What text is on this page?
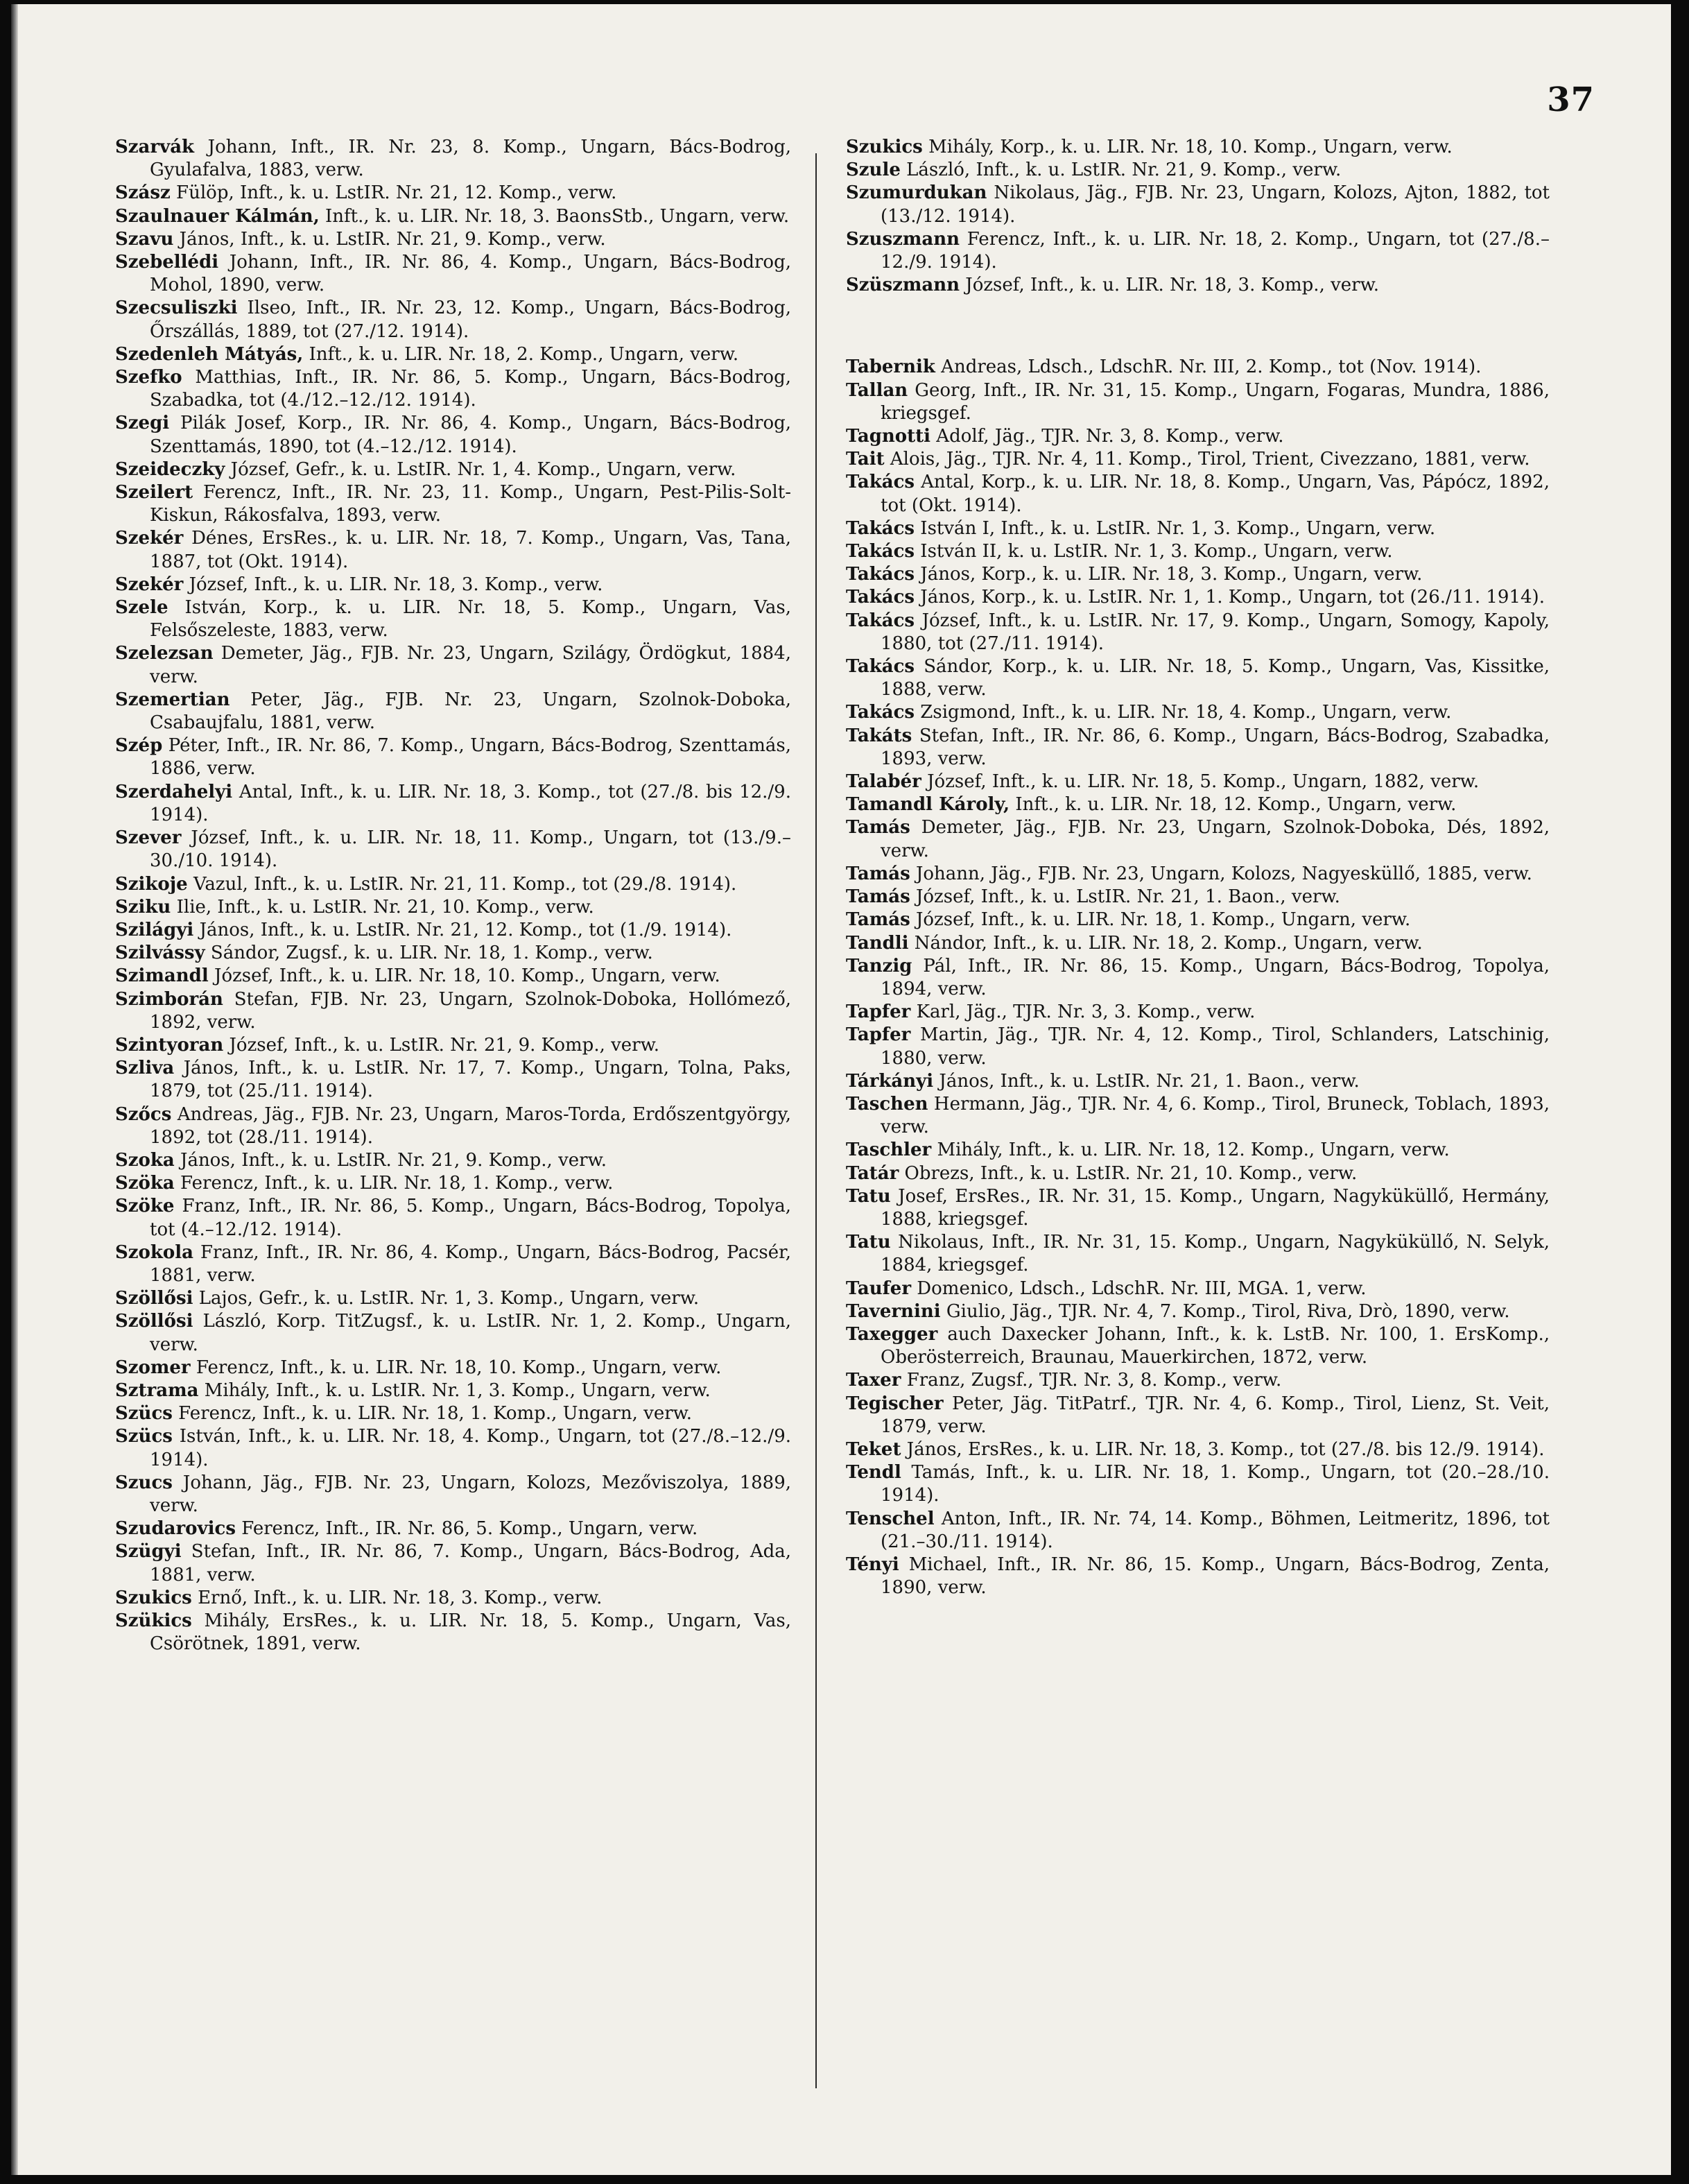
37
Szarvák Johann, Inft., IR. Nr. 23, 8. Komp., Ungarn, Bács-Bodrog, Gyulafalva, 1883, verw.
Szász Fülöp, Inft., k. u. LstIR. Nr. 21, 12. Komp., verw.
Szaulnauer Kálmán, Inft., k. u. LIR. Nr. 18, 3. BaonsStb., Ungarn, verw.
Szavu János, Inft., k. u. LstIR. Nr. 21, 9. Komp., verw.
Szebellédi Johann, Inft., IR. Nr. 86, 4. Komp., Ungarn, Bács-Bodrog, Mohol, 1890, verw.
Szecsuliszki Ilseo, Inft., IR. Nr. 23, 12. Komp., Ungarn, Bács-Bodrog, Őrszállás, 1889, tot (27./12. 1914).
Szedenleh Mátyás, Inft., k. u. LIR. Nr. 18, 2. Komp., Ungarn, verw.
Szefko Matthias, Inft., IR. Nr. 86, 5. Komp., Ungarn, Bács-Bodrog, Szabadka, tot (4./12.–12./12. 1914).
Szegi Pilák Josef, Korp., IR. Nr. 86, 4. Komp., Ungarn, Bács-Bodrog, Szenttamás, 1890, tot (4.–12./12. 1914).
Szeideczky József, Gefr., k. u. LstIR. Nr. 1, 4. Komp., Ungarn, verw.
Szeilert Ferencz, Inft., IR. Nr. 23, 11. Komp., Ungarn, Pest-Pilis-Solt-Kiskun, Rákosfalva, 1893, verw.
Szekér Dénes, ErsRes., k. u. LIR. Nr. 18, 7. Komp., Ungarn, Vas, Tana, 1887, tot (Okt. 1914).
Szekér József, Inft., k. u. LIR. Nr. 18, 3. Komp., verw.
Szele István, Korp., k. u. LIR. Nr. 18, 5. Komp., Ungarn, Vas, Felsőszeleste, 1883, verw.
Szelezsan Demeter, Jäg., FJB. Nr. 23, Ungarn, Szilágy, Ördögkut, 1884, verw.
Szemertian Peter, Jäg., FJB. Nr. 23, Ungarn, Szolnok-Doboka, Csabaujfalu, 1881, verw.
Szép Péter, Inft., IR. Nr. 86, 7. Komp., Ungarn, Bács-Bodrog, Szenttamás, 1886, verw.
Szerdahelyi Antal, Inft., k. u. LIR. Nr. 18, 3. Komp., tot (27./8. bis 12./9. 1914).
Szever József, Inft., k. u. LIR. Nr. 18, 11. Komp., Ungarn, tot (13./9.–30./10. 1914).
Szikoje Vazul, Inft., k. u. LstIR. Nr. 21, 11. Komp., tot (29./8. 1914).
Sziku Ilie, Inft., k. u. LstIR. Nr. 21, 10. Komp., verw.
Szilágyi János, Inft., k. u. LstIR. Nr. 21, 12. Komp., tot (1./9. 1914).
Szilvássy Sándor, Zugsf., k. u. LIR. Nr. 18, 1. Komp., verw.
Szimandl József, Inft., k. u. LIR. Nr. 18, 10. Komp., Ungarn, verw.
Szimborán Stefan, FJB. Nr. 23, Ungarn, Szolnok-Doboka, Hollómező, 1892, verw.
Szintyoran József, Inft., k. u. LstIR. Nr. 21, 9. Komp., verw.
Szliva János, Inft., k. u. LstIR. Nr. 17, 7. Komp., Ungarn, Tolna, Paks, 1879, tot (25./11. 1914).
Szőcs Andreas, Jäg., FJB. Nr. 23, Ungarn, Maros-Torda, Erdőszentgyörgy, 1892, tot (28./11. 1914).
Szoka János, Inft., k. u. LstIR. Nr. 21, 9. Komp., verw.
Szöka Ferencz, Inft., k. u. LIR. Nr. 18, 1. Komp., verw.
Szöke Franz, Inft., IR. Nr. 86, 5. Komp., Ungarn, Bács-Bodrog, Topolya, tot (4.–12./12. 1914).
Szokola Franz, Inft., IR. Nr. 86, 4. Komp., Ungarn, Bács-Bodrog, Pacsér, 1881, verw.
Szöllősi Lajos, Gefr., k. u. LstIR. Nr. 1, 3. Komp., Ungarn, verw.
Szöllősi László, Korp. TitZugsf., k. u. LstIR. Nr. 1, 2. Komp., Ungarn, verw.
Szomer Ferencz, Inft., k. u. LIR. Nr. 18, 10. Komp., Ungarn, verw.
Sztrama Mihály, Inft., k. u. LstIR. Nr. 1, 3. Komp., Ungarn, verw.
Szücs Ferencz, Inft., k. u. LIR. Nr. 18, 1. Komp., Ungarn, verw.
Szücs István, Inft., k. u. LIR. Nr. 18, 4. Komp., Ungarn, tot (27./8.–12./9. 1914).
Szucs Johann, Jäg., FJB. Nr. 23, Ungarn, Kolozs, Mezőviszolya, 1889, verw.
Szudarovics Ferencz, Inft., IR. Nr. 86, 5. Komp., Ungarn, verw.
Szügyi Stefan, Inft., IR. Nr. 86, 7. Komp., Ungarn, Bács-Bodrog, Ada, 1881, verw.
Szukics Ernő, Inft., k. u. LIR. Nr. 18, 3. Komp., verw.
Szükics Mihály, ErsRes., k. u. LIR. Nr. 18, 5. Komp., Ungarn, Vas, Csörötnek, 1891, verw.
Szukics Mihály, Korp., k. u. LIR. Nr. 18, 10. Komp., Ungarn, verw.
Szule László, Inft., k. u. LstIR. Nr. 21, 9. Komp., verw.
Szumurdukan Nikolaus, Jäg., FJB. Nr. 23, Ungarn, Kolozs, Ajton, 1882, tot (13./12. 1914).
Szuszmann Ferencz, Inft., k. u. LIR. Nr. 18, 2. Komp., Ungarn, tot (27./8.–12./9. 1914).
Szüszmann József, Inft., k. u. LIR. Nr. 18, 3. Komp., verw.
Tabernik Andreas, Ldsch., LdschR. Nr. III, 2. Komp., tot (Nov. 1914).
Tallan Georg, Inft., IR. Nr. 31, 15. Komp., Ungarn, Fogaras, Mundra, 1886, kriegsgef.
Tagnotti Adolf, Jäg., TJR. Nr. 3, 8. Komp., verw.
Tait Alois, Jäg., TJR. Nr. 4, 11. Komp., Tirol, Trient, Civezzano, 1881, verw.
Takács Antal, Korp., k. u. LIR. Nr. 18, 8. Komp., Ungarn, Vas, Pápócz, 1892, tot (Okt. 1914).
Takács István I, Inft., k. u. LstIR. Nr. 1, 3. Komp., Ungarn, verw.
Takács István II, k. u. LstIR. Nr. 1, 3. Komp., Ungarn, verw.
Takács János, Korp., k. u. LIR. Nr. 18, 3. Komp., Ungarn, verw.
Takács János, Korp., k. u. LstIR. Nr. 1, 1. Komp., Ungarn, tot (26./11. 1914).
Takács József, Inft., k. u. LstIR. Nr. 17, 9. Komp., Ungarn, Somogy, Kapoly, 1880, tot (27./11. 1914).
Takács Sándor, Korp., k. u. LIR. Nr. 18, 5. Komp., Ungarn, Vas, Kissitke, 1888, verw.
Takács Zsigmond, Inft., k. u. LIR. Nr. 18, 4. Komp., Ungarn, verw.
Takáts Stefan, Inft., IR. Nr. 86, 6. Komp., Ungarn, Bács-Bodrog, Szabadka, 1893, verw.
Talabér József, Inft., k. u. LIR. Nr. 18, 5. Komp., Ungarn, 1882, verw.
Tamandl Károly, Inft., k. u. LIR. Nr. 18, 12. Komp., Ungarn, verw.
Tamás Demeter, Jäg., FJB. Nr. 23, Ungarn, Szolnok-Doboka, Dés, 1892, verw.
Tamás Johann, Jäg., FJB. Nr. 23, Ungarn, Kolozs, Nagyesküllő, 1885, verw.
Tamás József, Inft., k. u. LstIR. Nr. 21, 1. Baon., verw.
Tamás József, Inft., k. u. LIR. Nr. 18, 1. Komp., Ungarn, verw.
Tandli Nándor, Inft., k. u. LIR. Nr. 18, 2. Komp., Ungarn, verw.
Tanzig Pál, Inft., IR. Nr. 86, 15. Komp., Ungarn, Bács-Bodrog, Topolya, 1894, verw.
Tapfer Karl, Jäg., TJR. Nr. 3, 3. Komp., verw.
Tapfer Martin, Jäg., TJR. Nr. 4, 12. Komp., Tirol, Schlanders, Latschinig, 1880, verw.
Tárkányi János, Inft., k. u. LstIR. Nr. 21, 1. Baon., verw.
Taschen Hermann, Jäg., TJR. Nr. 4, 6. Komp., Tirol, Bruneck, Toblach, 1893, verw.
Taschler Mihály, Inft., k. u. LIR. Nr. 18, 12. Komp., Ungarn, verw.
Tatár Obrezs, Inft., k. u. LstIR. Nr. 21, 10. Komp., verw.
Tatu Josef, ErsRes., IR. Nr. 31, 15. Komp., Ungarn, Nagyküküllő, Hermány, 1888, kriegsgef.
Tatu Nikolaus, Inft., IR. Nr. 31, 15. Komp., Ungarn, Nagyküküllő, N. Selyk, 1884, kriegsgef.
Taufer Domenico, Ldsch., LdschR. Nr. III, MGA. 1, verw.
Tavernini Giulio, Jäg., TJR. Nr. 4, 7. Komp., Tirol, Riva, Drò, 1890, verw.
Taxegger auch Daxecker Johann, Inft., k. k. LstB. Nr. 100, 1. ErsKomp., Oberösterreich, Braunau, Mauerkirchen, 1872, verw.
Taxer Franz, Zugsf., TJR. Nr. 3, 8. Komp., verw.
Tegischer Peter, Jäg. TitPatrf., TJR. Nr. 4, 6. Komp., Tirol, Lienz, St. Veit, 1879, verw.
Teket János, ErsRes., k. u. LIR. Nr. 18, 3. Komp., tot (27./8. bis 12./9. 1914).
Tendl Tamás, Inft., k. u. LIR. Nr. 18, 1. Komp., Ungarn, tot (20.–28./10. 1914).
Tenschel Anton, Inft., IR. Nr. 74, 14. Komp., Böhmen, Leitmeritz, 1896, tot (21.–30./11. 1914).
Tényi Michael, Inft., IR. Nr. 86, 15. Komp., Ungarn, Bács-Bodrog, Zenta, 1890, verw.
